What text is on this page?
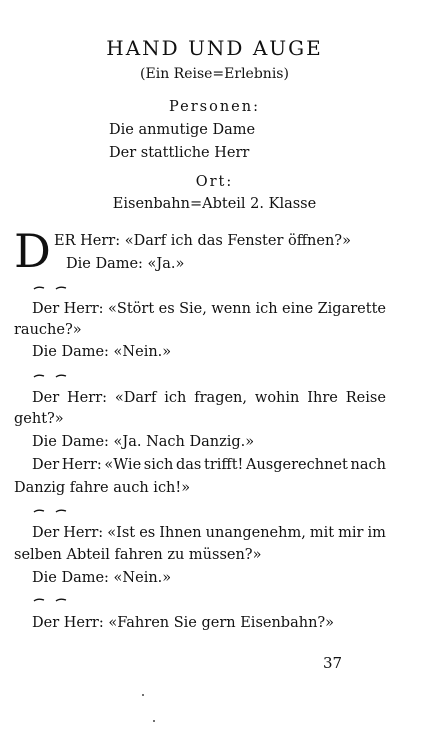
HAND UND AUGE
(Ein Reise=Erlebnis)
Personen:
Die anmutige Dame
Der stattliche Herr
Ort:
Eisenbahn=Abteil 2. Klasse
D ER Herr: «Darf ich das Fenster öffnen?»
Die Dame: «Ja.»
Der Herr: «Stört es Sie, wenn ich eine Zigarette
rauche?»
Die Dame: «Nein.»
Der Herr: «Darf ich fragen, wohin Ihre Reise
geht?»
Die Dame: «Ja. Nach Danzig.»
Der Herr: «Wie sich das trifft! Ausgerechnet nach
Danzig fahre auch ich!»
Der Herr: «Ist es Ihnen unangenehm, mit mir im
selben Abteil fahren zu müssen?»
Die Dame: «Nein.»
Der Herr: «Fahren Sie gern Eisenbahn?»
37
